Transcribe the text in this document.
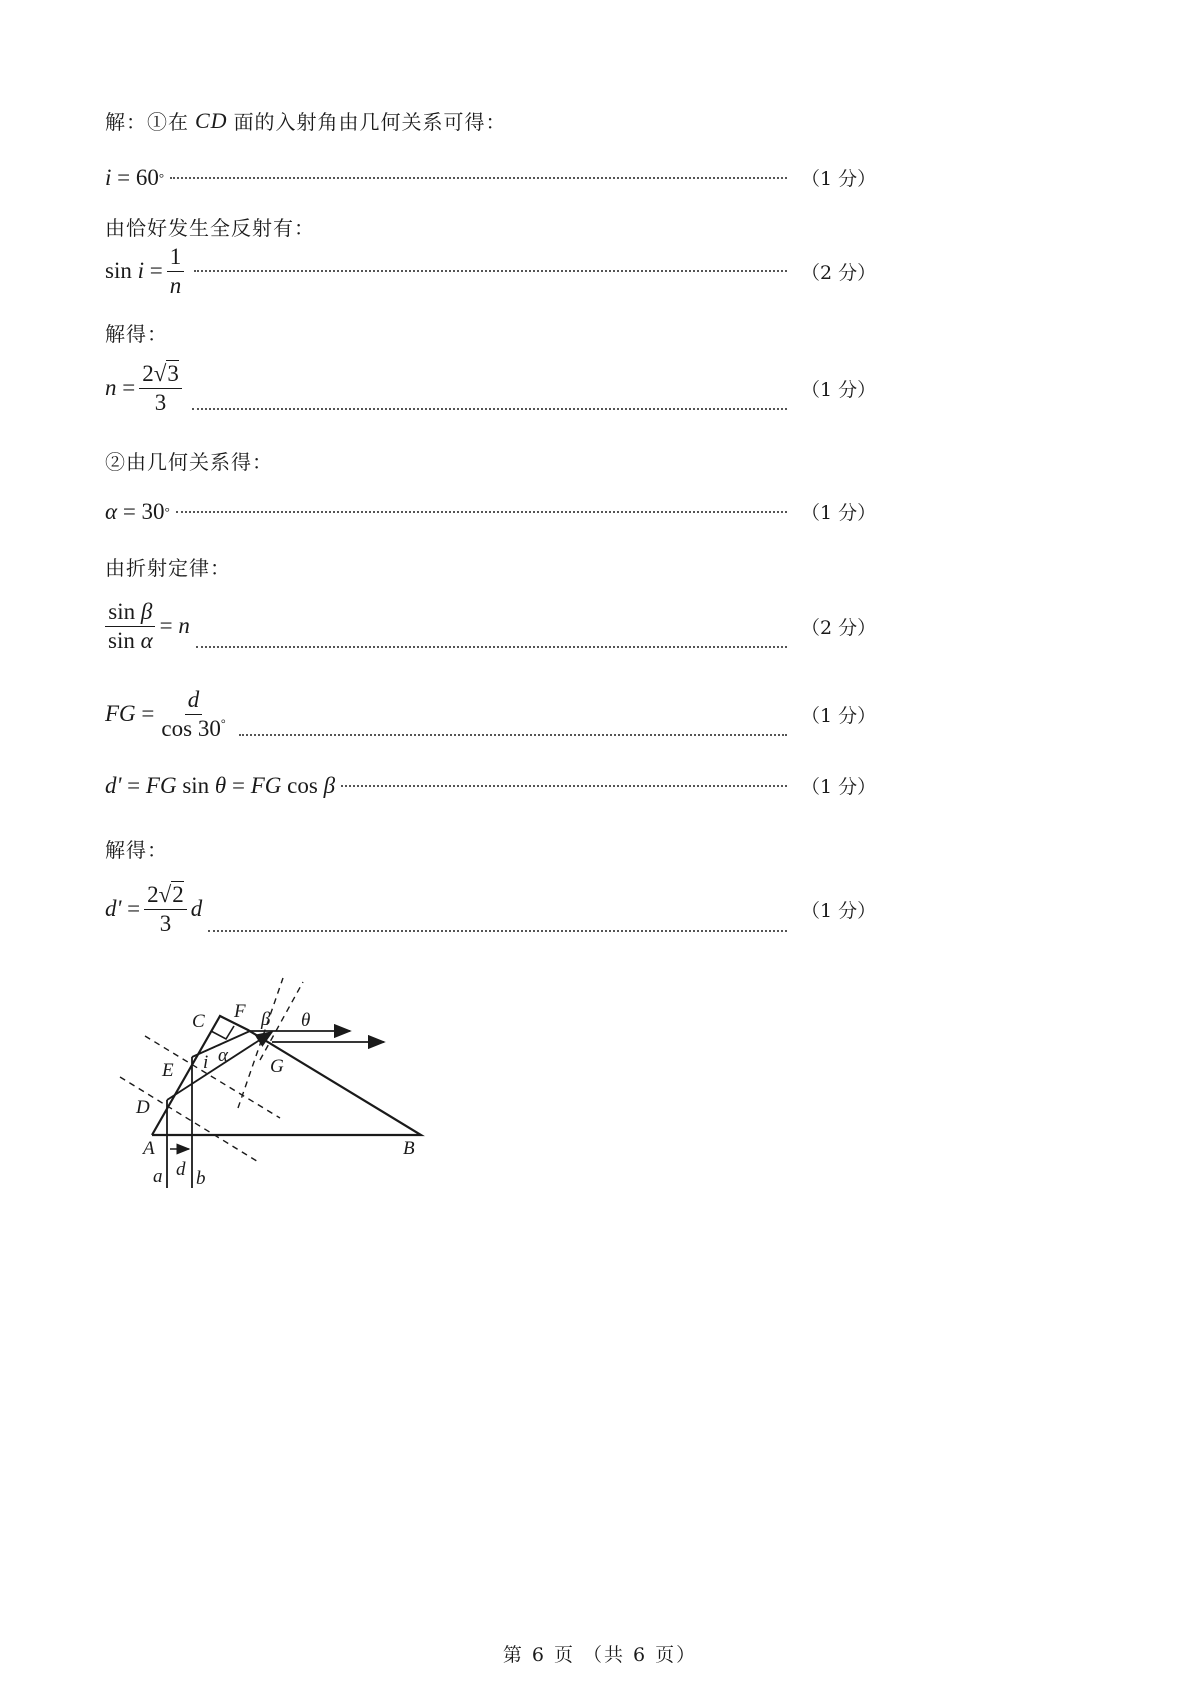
解：①在 CD 面的入射角由几何关系可得：
i = 60 °	（1 分）
由恰好发生全反射有：
$\sin i = \frac{1}{n}$	（2 分）
解得：
$n = \frac{2√3}{3}$	（1 分）
②由几何关系得：
α = 30 °	（1 分）
由折射定律：
$\frac{\text{sin β}}{\text{sin α}} = n$	（2 分）
FG = $\frac{d}{\cos 30^\circ}$	（1 分）
d' = FG sin θ = FG cos β	（1 分）
解得：
$d' = \frac{2√2}{3}$ d	（1 分）
C F β θ
E
α
i	G
D
A	B
a d b
第 6 页 （共 6 页）
